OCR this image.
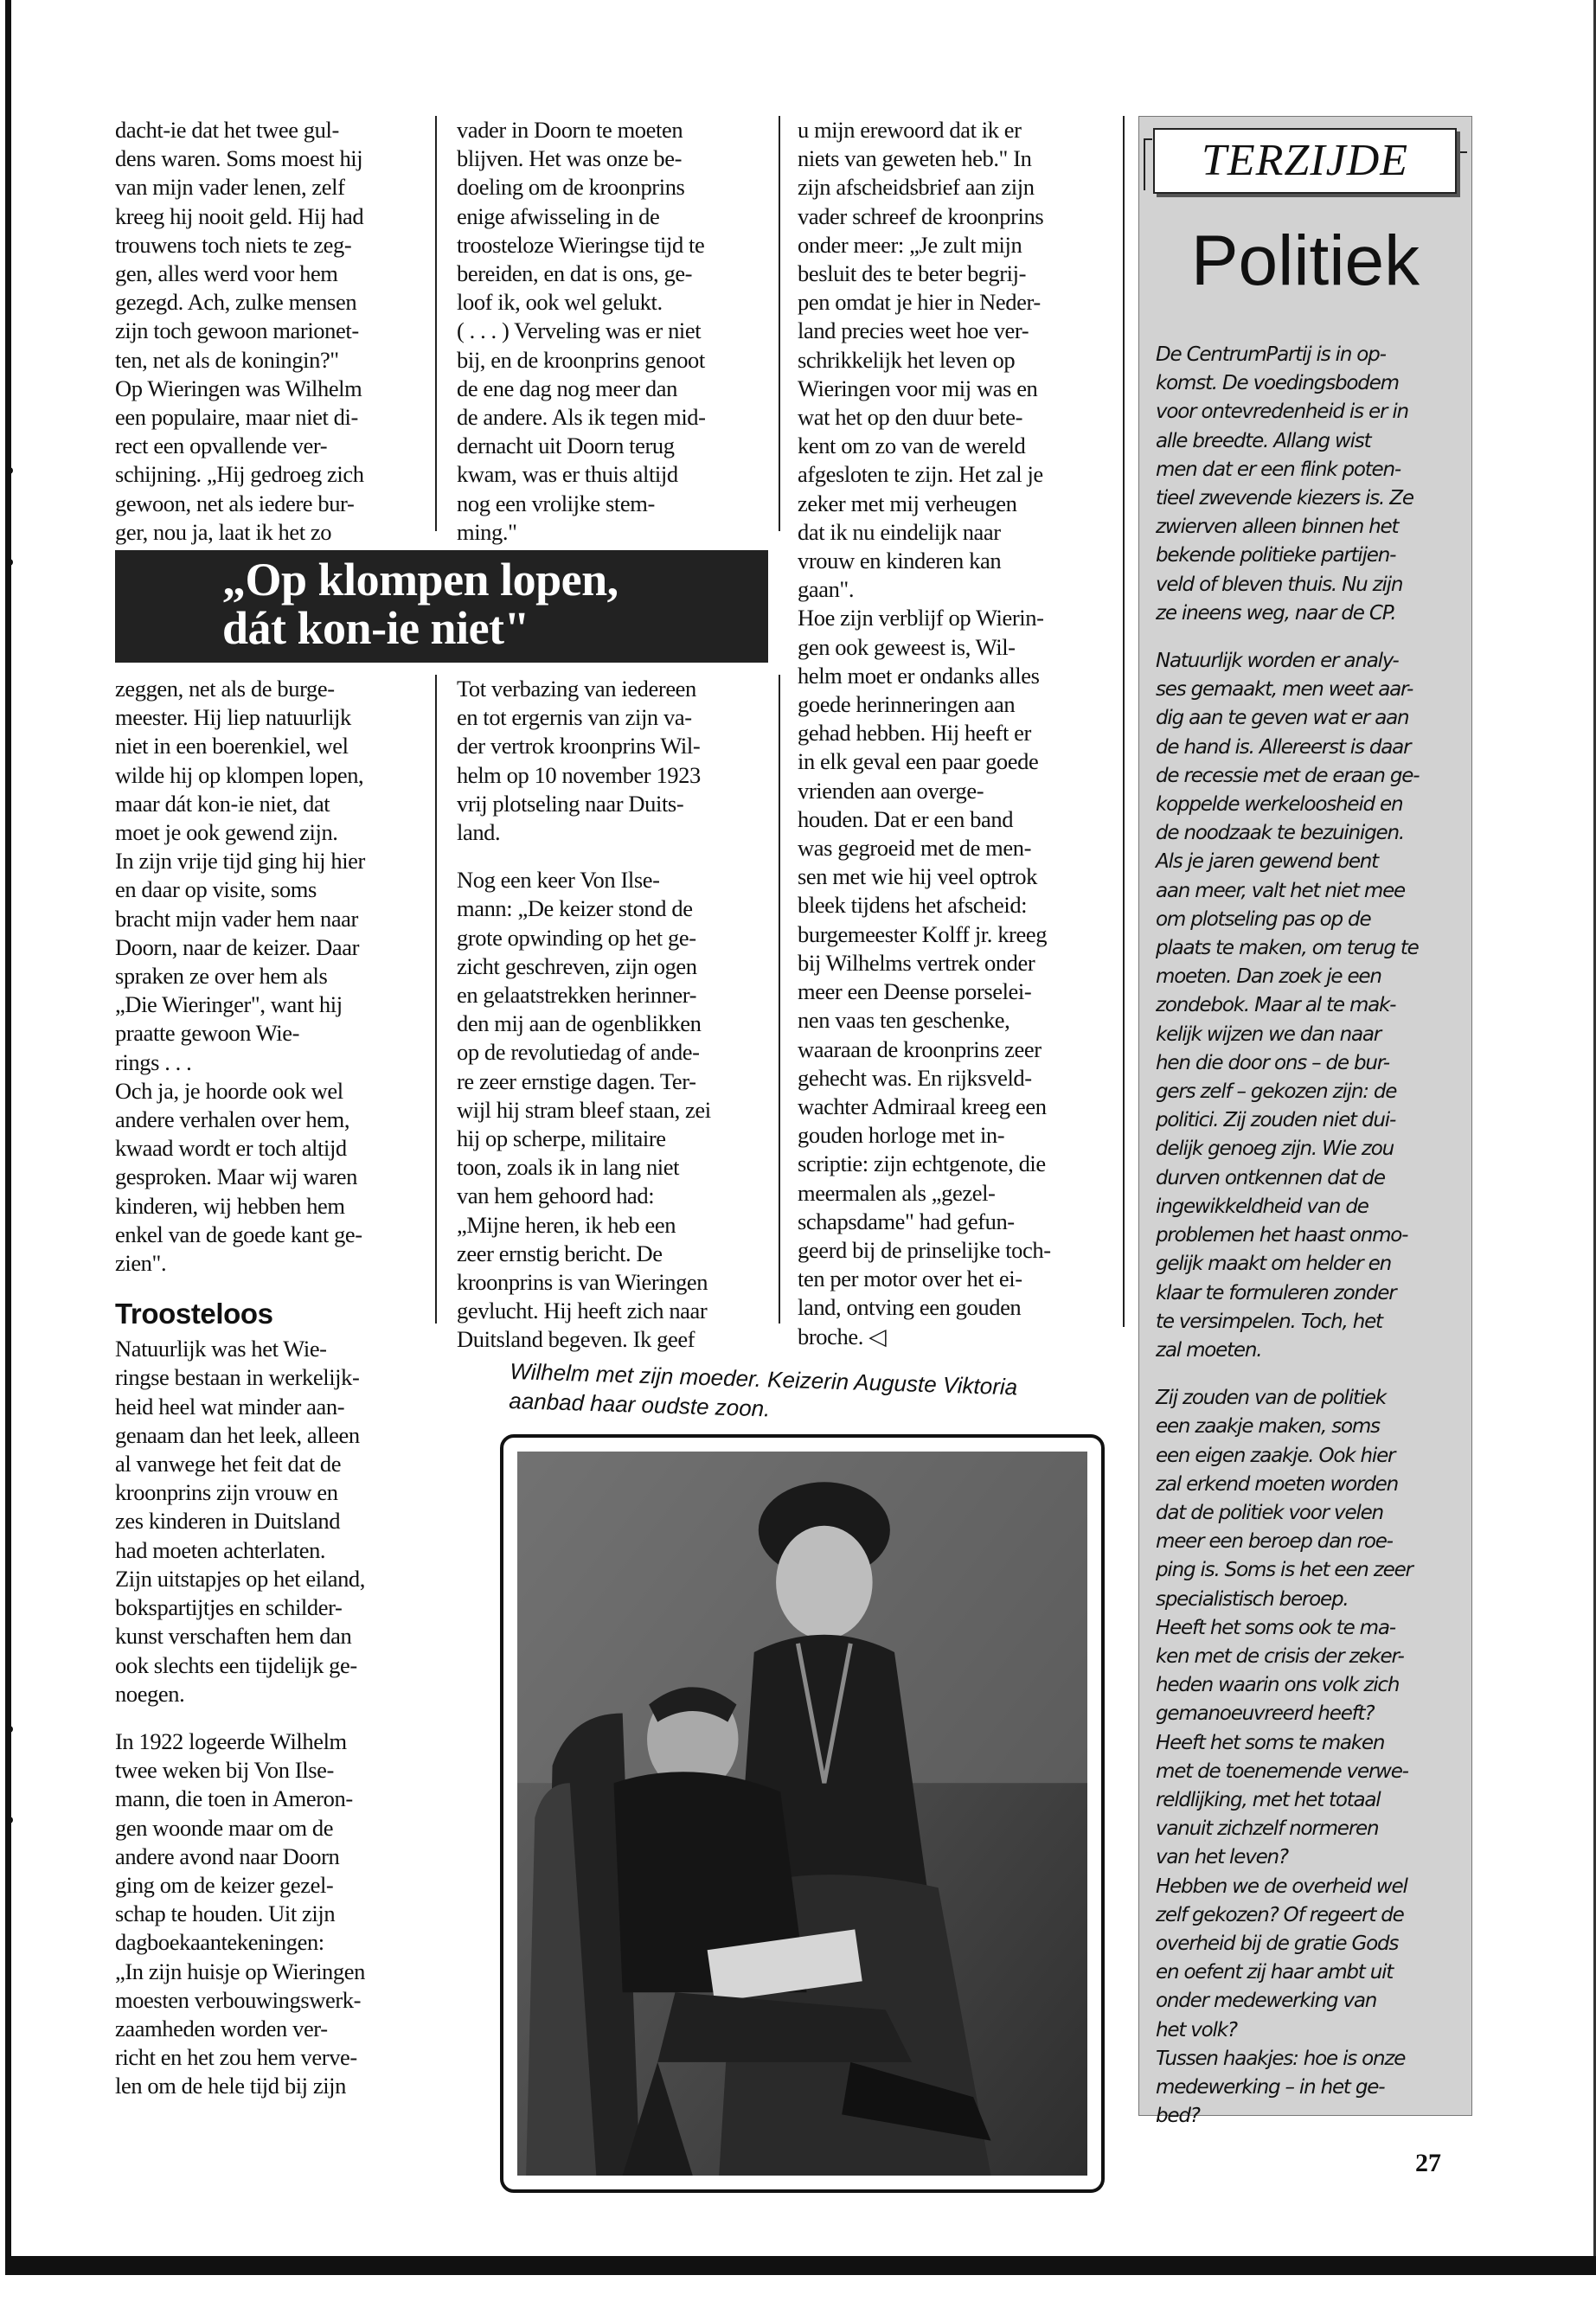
dacht-ie dat het twee gul-
dens waren. Soms moest hij
van mijn vader lenen, zelf
kreeg hij nooit geld. Hij had
trouwens toch niets te zeg-
gen, alles werd voor hem
gezegd. Ach, zulke mensen
zijn toch gewoon marionet-
ten, net als de koningin?"
Op Wieringen was Wilhelm
een populaire, maar niet di-
rect een opvallende ver-
schijning. „Hij gedroeg zich
gewoon, net als iedere bur-
ger, nou ja, laat ik het zo

zeggen, net als de burge-
meester. Hij liep natuurlijk
niet in een boerenkiel, wel
wilde hij op klompen lopen,
maar dát kon-ie niet, dat
moet je ook gewend zijn.
In zijn vrije tijd ging hij hier
en daar op visite, soms
bracht mijn vader hem naar
Doorn, naar de keizer. Daar
spraken ze over hem als
„Die Wieringer", want hij
praatte gewoon Wie-
rings . . .
Och ja, je hoorde ook wel
andere verhalen over hem,
kwaad wordt er toch altijd
gesproken. Maar wij waren
kinderen, wij hebben hem
enkel van de goede kant ge-
zien".

Troosteloos

Natuurlijk was het Wie-
ringse bestaan in werkelijk-
heid heel wat minder aan-
genaam dan het leek, alleen
al vanwege het feit dat de
kroonprins zijn vrouw en
zes kinderen in Duitsland
had moeten achterlaten.
Zijn uitstapjes op het eiland,
bokspartijtjes en schilder-
kunst verschaften hem dan
ook slechts een tijdelijk ge-
noegen.

In 1922 logeerde Wilhelm
twee weken bij Von Ilse-
mann, die toen in Ameron-
gen woonde maar om de
andere avond naar Doorn
ging om de keizer gezel-
schap te houden. Uit zijn
dagboekaantekeningen:
„In zijn huisje op Wieringen
moesten verbouwingswerk-
zaamheden worden ver-
richt en het zou hem verve-
len om de hele tijd bij zijn

vader in Doorn te moeten
blijven. Het was onze be-
doeling om de kroonprins
enige afwisseling in de
troosteloze Wieringse tijd te
bereiden, en dat is ons, ge-
loof ik, ook wel gelukt.
( . . . ) Verveling was er niet
bij, en de kroonprins genoot
de ene dag nog meer dan
de andere. Als ik tegen mid-
dernacht uit Doorn terug
kwam, was er thuis altijd
nog een vrolijke stem-
ming."

Tot verbazing van iedereen
en tot ergernis van zijn va-
der vertrok kroonprins Wil-
helm op 10 november 1923
vrij plotseling naar Duits-
land.

Nog een keer Von Ilse-
mann: „De keizer stond de
grote opwinding op het ge-
zicht geschreven, zijn ogen
en gelaatstrekken herinner-
den mij aan de ogenblikken
op de revolutiedag of ande-
re zeer ernstige dagen. Ter-
wijl hij stram bleef staan, zei
hij op scherpe, militaire
toon, zoals ik in lang niet
van hem gehoord had:
„Mijne heren, ik heb een
zeer ernstig bericht. De
kroonprins is van Wieringen
gevlucht. Hij heeft zich naar
Duitsland begeven. Ik geef

u mijn erewoord dat ik er
niets van geweten heb." In
zijn afscheidsbrief aan zijn
vader schreef de kroonprins
onder meer: „Je zult mijn
besluit des te beter begrij-
pen omdat je hier in Neder-
land precies weet hoe ver-
schrikkelijk het leven op
Wieringen voor mij was en
wat het op den duur bete-
kent om zo van de wereld
afgesloten te zijn. Het zal je
zeker met mij verheugen
dat ik nu eindelijk naar
vrouw en kinderen kan
gaan".
Hoe zijn verblijf op Wierin-
gen ook geweest is, Wil-
helm moet er ondanks alles
goede herinneringen aan
gehad hebben. Hij heeft er
in elk geval een paar goede
vrienden aan overge-
houden. Dat er een band
was gegroeid met de men-
sen met wie hij veel optrok
bleek tijdens het afscheid:
burgemeester Kolff jr. kreeg
bij Wilhelms vertrek onder
meer een Deense porselei-
nen vaas ten geschenke,
waaraan de kroonprins zeer
gehecht was. En rijksveld-
wachter Admiraal kreeg een
gouden horloge met in-
scriptie: zijn echtgenote, die
meermalen als „gezel-
schapsdame" had gefun-
geerd bij de prinselijke toch-
ten per motor over het ei-
land, ontving een gouden
broche. ◁

„Op klompen lopen,
dát kon-ie niet"
Wilhelm met zijn moeder. Keizerin Auguste Viktoria
aanbad haar oudste zoon.
TERZIJDE
Politiek

De CentrumPartij is in op-
komst. De voedingsbodem
voor ontevredenheid is er in
alle breedte. Allang wist
men dat er een flink poten-
tieel zwevende kiezers is. Ze
zwierven alleen binnen het
bekende politieke partijen-
veld of bleven thuis. Nu zijn
ze ineens weg, naar de CP.

Natuurlijk worden er analy-
ses gemaakt, men weet aar-
dig aan te geven wat er aan
de hand is. Allereerst is daar
de recessie met de eraan ge-
koppelde werkeloosheid en
de noodzaak te bezuinigen.
Als je jaren gewend bent
aan meer, valt het niet mee
om plotseling pas op de
plaats te maken, om terug te
moeten. Dan zoek je een
zondebok. Maar al te mak-
kelijk wijzen we dan naar
hen die door ons – de bur-
gers zelf – gekozen zijn: de
politici. Zij zouden niet dui-
delijk genoeg zijn. Wie zou
durven ontkennen dat de
ingewikkeldheid van de
problemen het haast onmo-
gelijk maakt om helder en
klaar te formuleren zonder
te versimpelen. Toch, het
zal moeten.

Zij zouden van de politiek
een zaakje maken, soms
een eigen zaakje. Ook hier
zal erkend moeten worden
dat de politiek voor velen
meer een beroep dan roe-
ping is. Soms is het een zeer
specialistisch beroep.
Heeft het soms ook te ma-
ken met de crisis der zeker-
heden waarin ons volk zich
gemanoeuvreerd heeft?
Heeft het soms te maken
met de toenemende verwe-
reldlijking, met het totaal
vanuit zichzelf normeren
van het leven?
Hebben we de overheid wel
zelf gekozen? Of regeert de
overheid bij de gratie Gods
en oefent zij haar ambt uit
onder medewerking van
het volk?
Tussen haakjes: hoe is onze
medewerking – in het ge-
bed?

27
